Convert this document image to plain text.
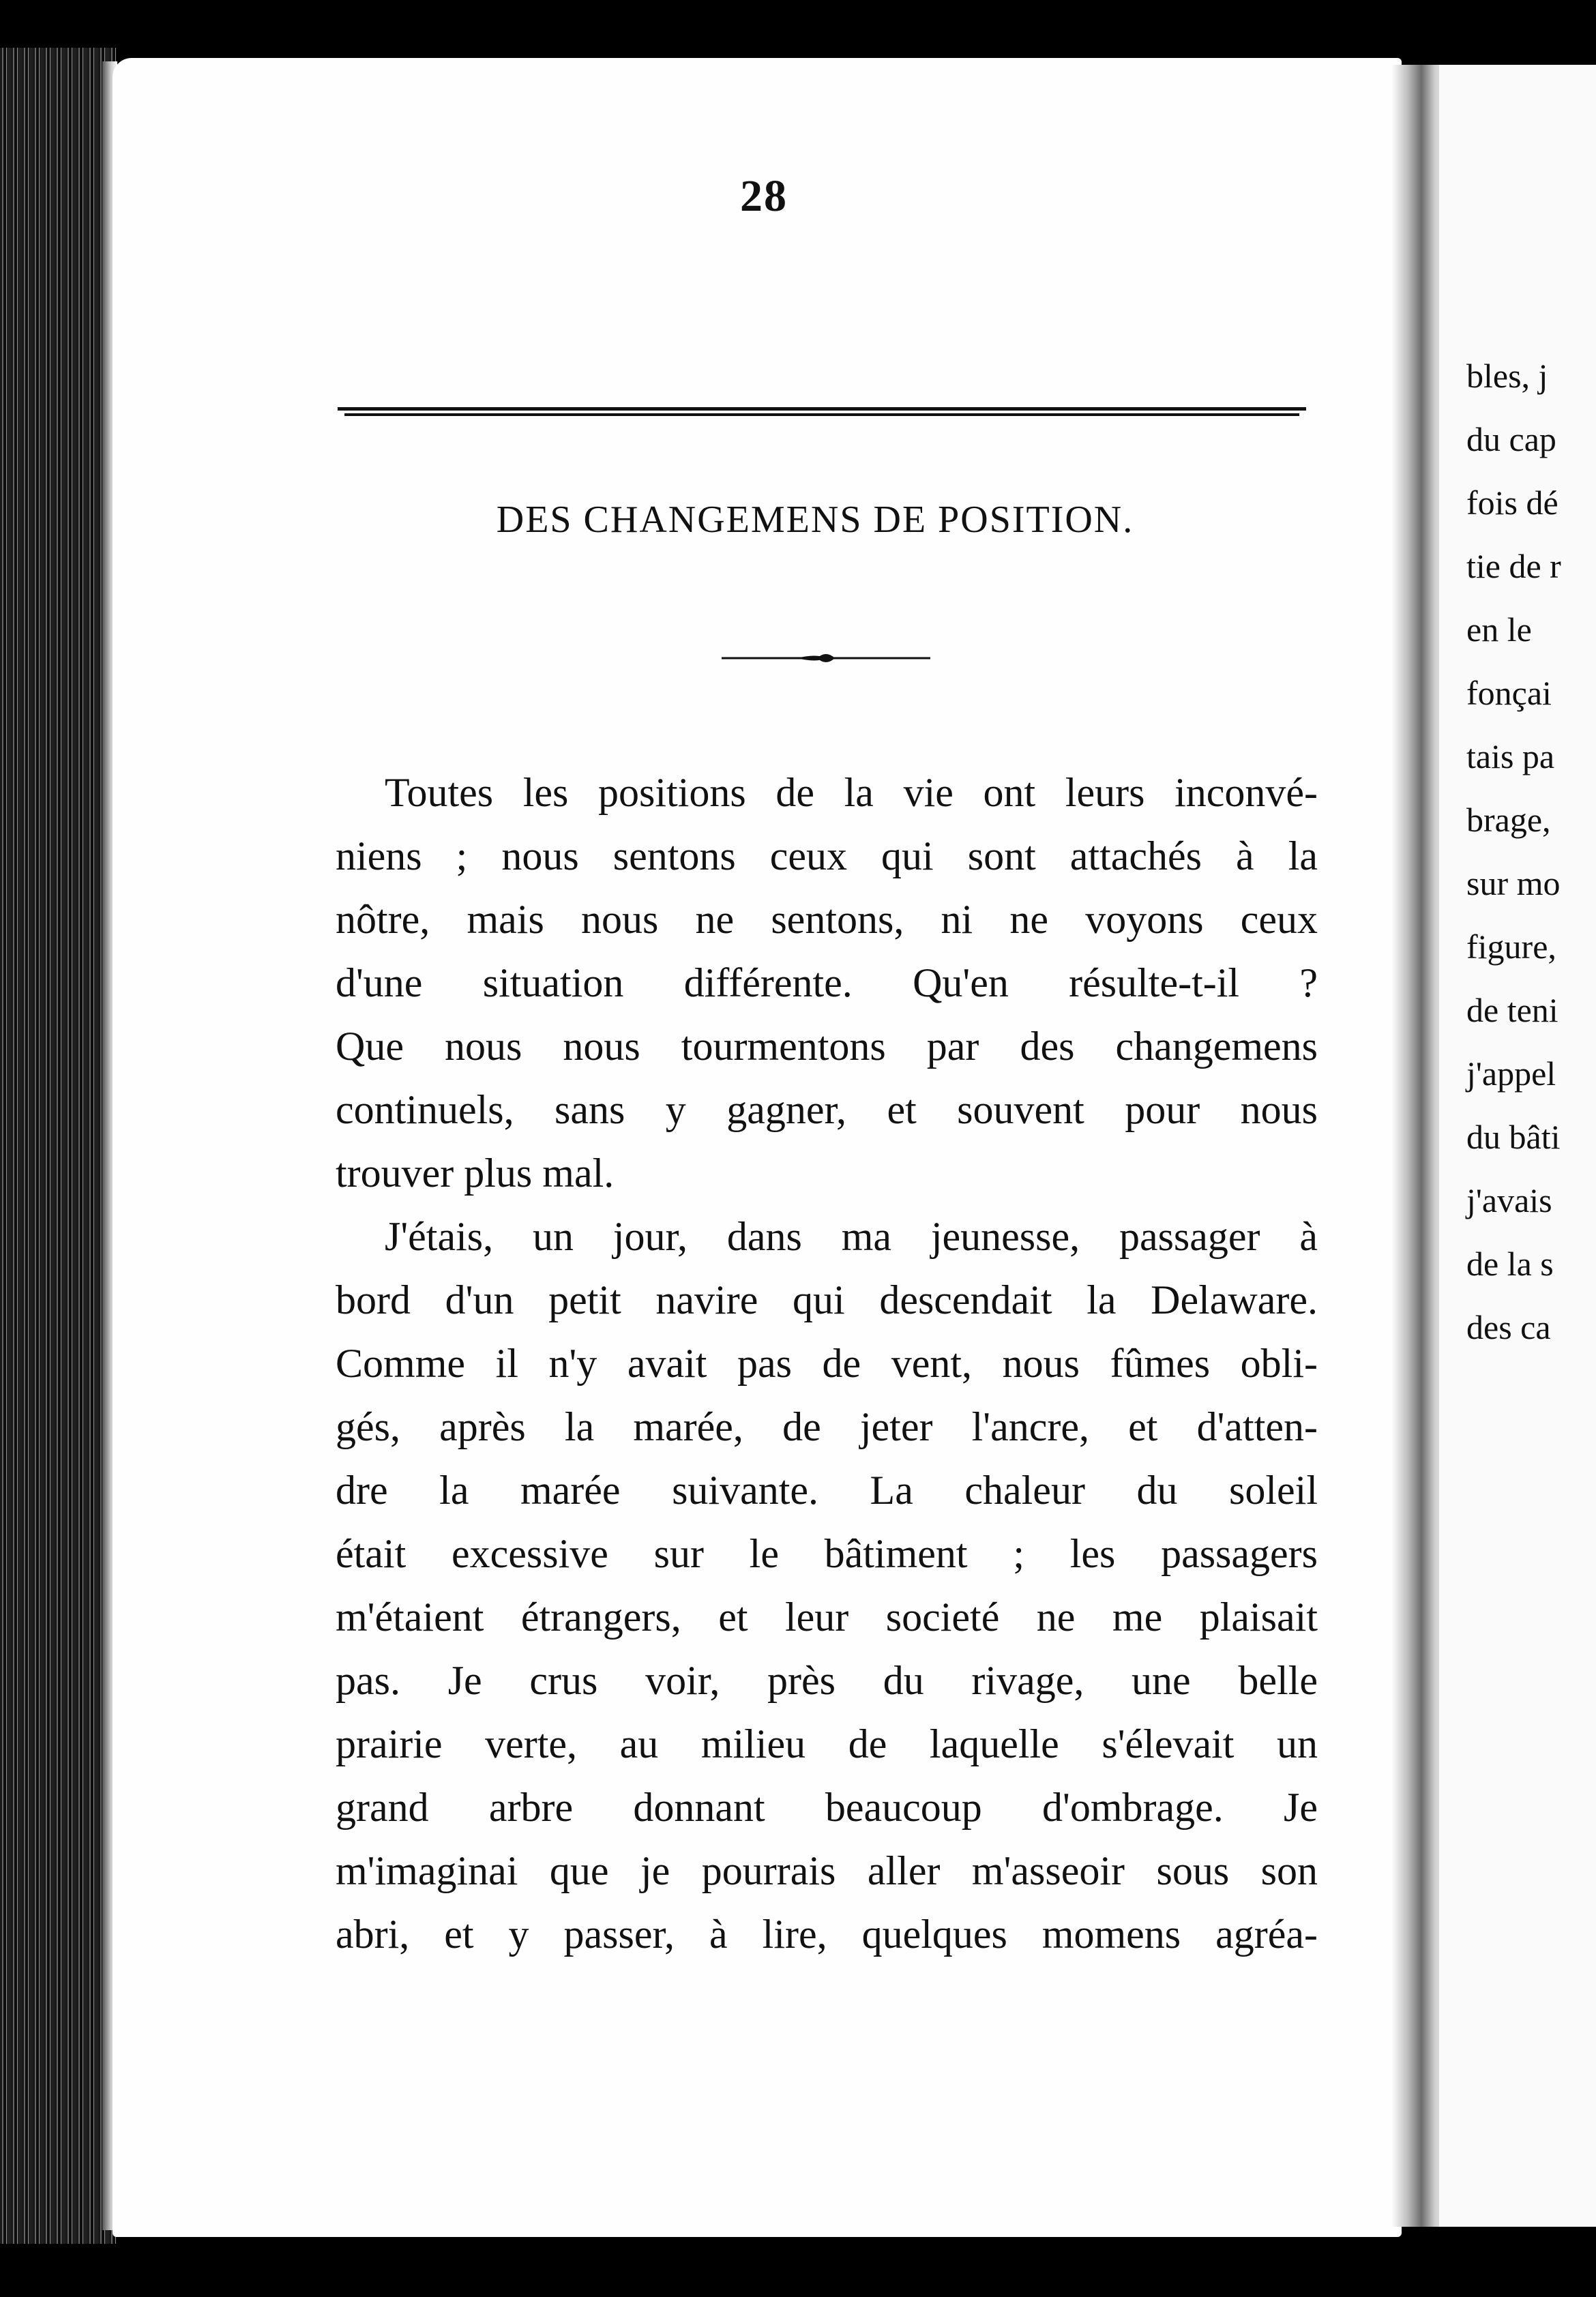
bles, j
du cap
fois dé
tie de r
en le
fonçai
tais pa
brage,
sur mo
figure,
de teni
j'appel
du bâti
j'avais
de la s
des ca
28
DES CHANGEMENS DE POSITION.
Toutes les positions de la vie ont leurs inconvé-
niens ; nous sentons ceux qui sont attachés à la
nôtre, mais nous ne sentons, ni ne voyons ceux
d'une situation différente. Qu'en résulte-t-il ?
Que nous nous tourmentons par des changemens
continuels, sans y gagner, et souvent pour nous
trouver plus mal.
J'étais, un jour, dans ma jeunesse, passager à
bord d'un petit navire qui descendait la Delaware.
Comme il n'y avait pas de vent, nous fûmes obli-
gés, après la marée, de jeter l'ancre, et d'atten-
dre la marée suivante. La chaleur du soleil
était excessive sur le bâtiment ; les passagers
m'étaient étrangers, et leur societé ne me plaisait
pas. Je crus voir, près du rivage, une belle
prairie verte, au milieu de laquelle s'élevait un
grand arbre donnant beaucoup d'ombrage. Je
m'imaginai que je pourrais aller m'asseoir sous son
abri, et y passer, à lire, quelques momens agréa-
